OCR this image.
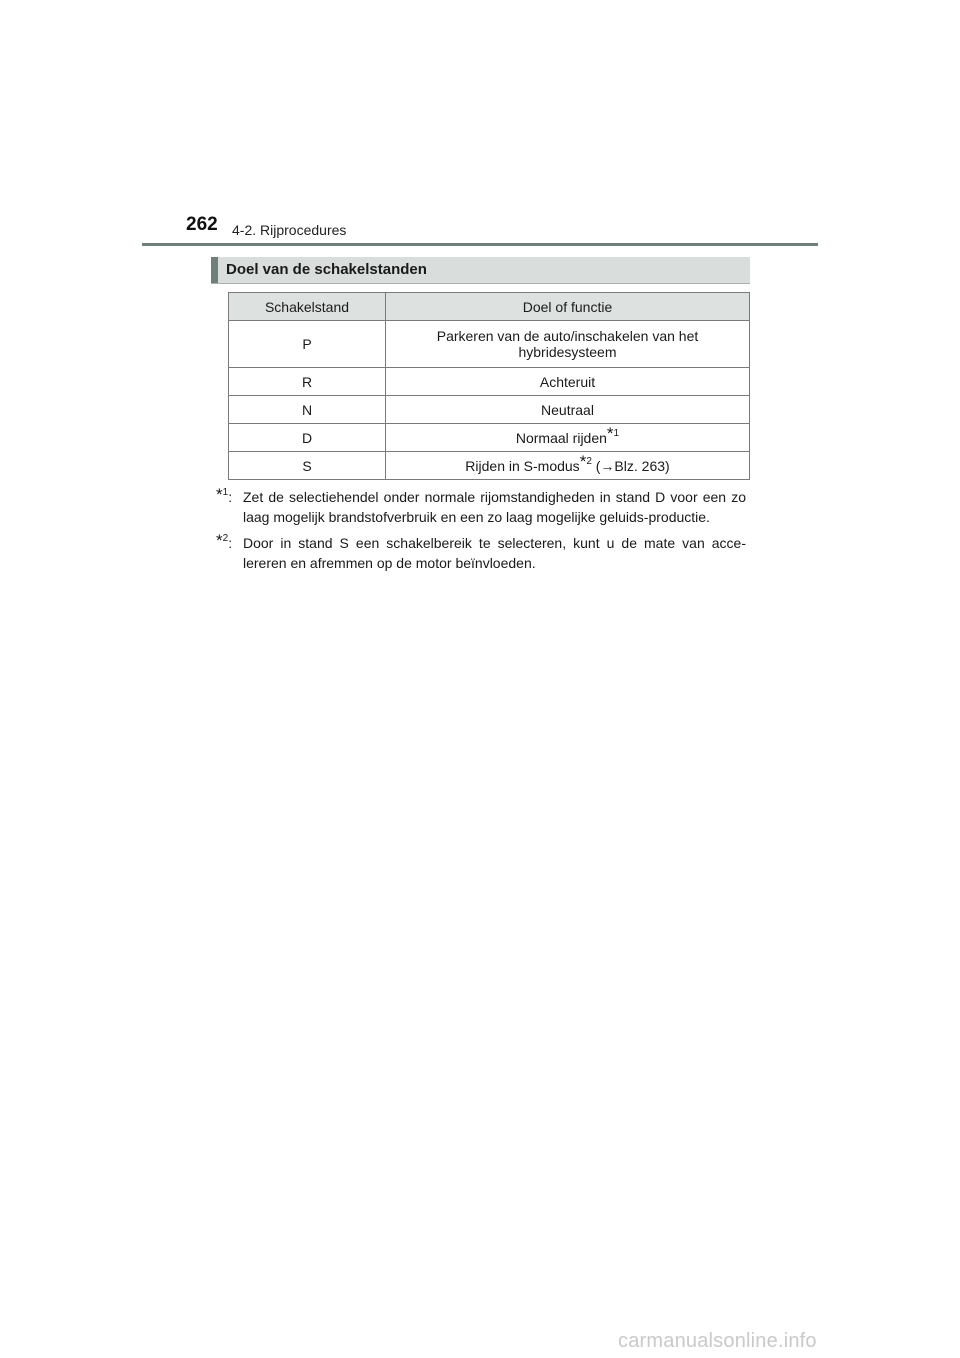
262 4-2. Rijprocedures
Doel van de schakelstanden
Schakelstand	Doel of functie
P	Parkeren van de auto/inschakelen van het
hybridesysteem
R	Achteruit
N	Neutraal
D	Normaal rijden*$^1$
S	Rijden in S-modus*$^2$ (→Blz. 263)
*$^1$: Zet de selectiehendel onder normale rijomstandigheden in stand D voor een zo laag mogelijk brandstofverbruik en een zo laag mogelijke geluids-productie.
*$^2$: Door in stand S een schakelbereik te selecteren, kunt u de mate van acce-lereren en afremmen op de motor beïnvloeden.
carmanualsonline.info
